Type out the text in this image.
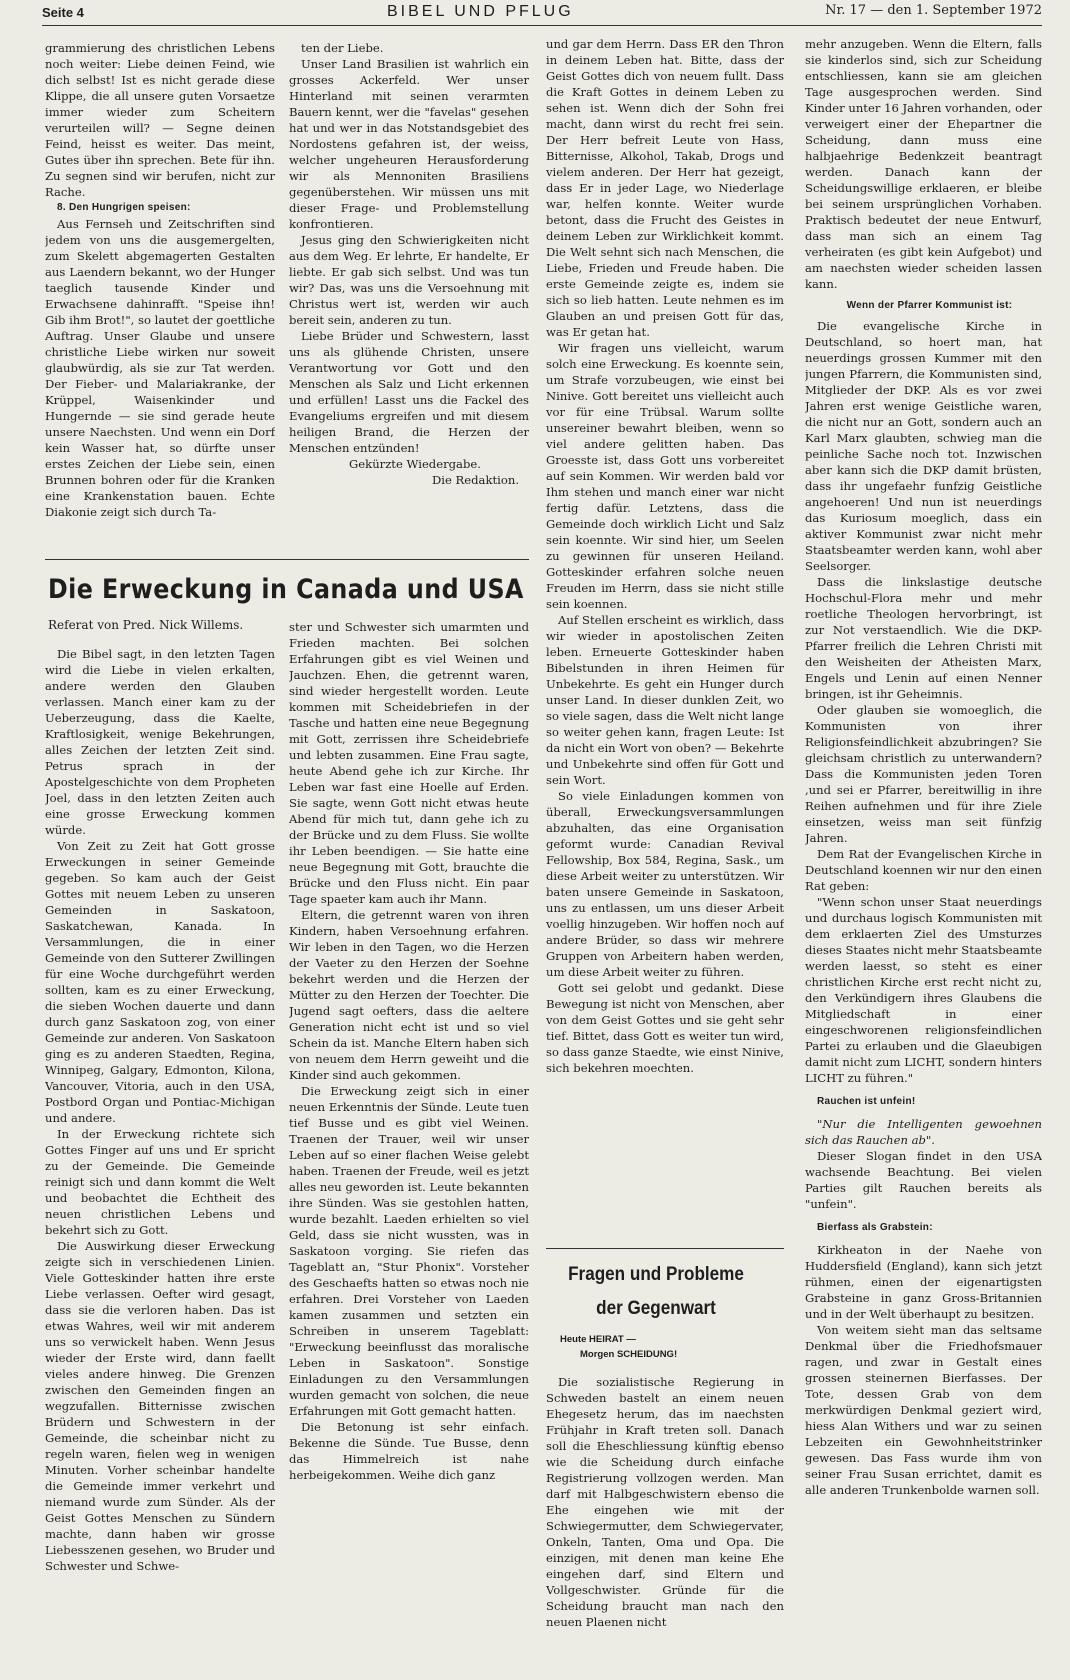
Seite 4	BIBEL UND PFLUG	Nr. 17 — den 1. September 1972

grammierung des christlichen Lebens noch weiter: Liebe deinen Feind, wie dich selbst! Ist es nicht gerade diese Klippe, die all unsere guten Vorsaetze immer wieder zum Scheitern verurteilen will? — Segne deinen Feind, heisst es weiter. Das meint, Gutes über ihn sprechen. Bete für ihn. Zu segnen sind wir berufen, nicht zur Rache.

8. Den Hungrigen speisen:

Aus Fernseh und Zeitschriften sind jedem von uns die ausgemergelten, zum Skelett abgemagerten Gestalten aus Laendern bekannt, wo der Hunger taeglich tausende Kinder und Erwachsene dahinrafft. "Speise ihn! Gib ihm Brot!", so lautet der goettliche Auftrag. Unser Glaube und unsere christliche Liebe wirken nur soweit glaubwürdig, als sie zur Tat werden. Der Fieber- und Malariakranke, der Krüppel, Waisenkinder und Hungernde — sie sind gerade heute unsere Naechsten. Und wenn ein Dorf kein Wasser hat, so dürfte unser erstes Zeichen der Liebe sein, einen Brunnen bohren oder für die Kranken eine Krankenstation bauen. Echte Diakonie zeigt sich durch Ta-

ten der Liebe.

Unser Land Brasilien ist wahrlich ein grosses Ackerfeld. Wer unser Hinterland mit seinen verarmten Bauern kennt, wer die "favelas" gesehen hat und wer in das Notstandsgebiet des Nordostens gefahren ist, der weiss, welcher ungeheuren Herausforderung wir als Mennoniten Brasiliens gegenüberstehen. Wir müssen uns mit dieser Frage- und Problemstellung konfrontieren.

Jesus ging den Schwierigkeiten nicht aus dem Weg. Er lehrte, Er handelte, Er liebte. Er gab sich selbst. Und was tun wir? Das, was uns die Versoehnung mit Christus wert ist, werden wir auch bereit sein, anderen zu tun.

Liebe Brüder und Schwestern, lasst uns als glühende Christen, unsere Verantwortung vor Gott und den Menschen als Salz und Licht erkennen und erfüllen! Lasst uns die Fackel des Evangeliums ergreifen und mit diesem heiligen Brand, die Herzen der Menschen entzünden!

Gekürzte Wiedergabe.

Die Redaktion.

Die Erweckung in Canada und USA
Referat von Pred. Nick Willems.

Die Bibel sagt, in den letzten Tagen wird die Liebe in vielen erkalten, andere werden den Glauben verlassen. Manch einer kam zu der Ueberzeugung, dass die Kaelte, Kraftlosigkeit, wenige Bekehrungen, alles Zeichen der letzten Zeit sind. Petrus sprach in der Apostelgeschichte von dem Propheten Joel, dass in den letzten Zeiten auch eine grosse Erweckung kommen würde.

Von Zeit zu Zeit hat Gott grosse Erweckungen in seiner Gemeinde gegeben. So kam auch der Geist Gottes mit neuem Leben zu unseren Gemeinden in Saskatoon, Saskatchewan, Kanada. In Versammlungen, die in einer Gemeinde von den Sutterer Zwillingen für eine Woche durchgeführt werden sollten, kam es zu einer Erweckung, die sieben Wochen dauerte und dann durch ganz Saskatoon zog, von einer Gemeinde zur anderen. Von Saskatoon ging es zu anderen Staedten, Regina, Winnipeg, Galgary, Edmonton, Kilona, Vancouver, Vitoria, auch in den USA, Postbord Organ und Pontiac-Michigan und andere.

In der Erweckung richtete sich Gottes Finger auf uns und Er spricht zu der Gemeinde. Die Gemeinde reinigt sich und dann kommt die Welt und beobachtet die Echtheit des neuen christlichen Lebens und bekehrt sich zu Gott.

Die Auswirkung dieser Erweckung zeigte sich in verschiedenen Linien. Viele Gotteskinder hatten ihre erste Liebe verlassen. Oefter wird gesagt, dass sie die verloren haben. Das ist etwas Wahres, weil wir mit anderem uns so verwickelt haben. Wenn Jesus wieder der Erste wird, dann faellt vieles andere hinweg. Die Grenzen zwischen den Gemeinden fingen an wegzufallen. Bitternisse zwischen Brüdern und Schwestern in der Gemeinde, die scheinbar nicht zu regeln waren, fielen weg in wenigen Minuten. Vorher scheinbar handelte die Gemeinde immer verkehrt und niemand wurde zum Sünder. Als der Geist Gottes Menschen zu Sündern machte, dann haben wir grosse Liebesszenen gesehen, wo Bruder und Schwester und Schwe-

ster und Schwester sich umarmten und Frieden machten. Bei solchen Erfahrungen gibt es viel Weinen und Jauchzen. Ehen, die getrennt waren, sind wieder hergestellt worden. Leute kommen mit Scheidebriefen in der Tasche und hatten eine neue Begegnung mit Gott, zerrissen ihre Scheidebriefe und lebten zusammen. Eine Frau sagte, heute Abend gehe ich zur Kirche. Ihr Leben war fast eine Hoelle auf Erden. Sie sagte, wenn Gott nicht etwas heute Abend für mich tut, dann gehe ich zu der Brücke und zu dem Fluss. Sie wollte ihr Leben beendigen. — Sie hatte eine neue Begegnung mit Gott, brauchte die Brücke und den Fluss nicht. Ein paar Tage spaeter kam auch ihr Mann.

Eltern, die getrennt waren von ihren Kindern, haben Versoehnung erfahren. Wir leben in den Tagen, wo die Herzen der Vaeter zu den Herzen der Soehne bekehrt werden und die Herzen der Mütter zu den Herzen der Toechter. Die Jugend sagt oefters, dass die aeltere Generation nicht echt ist und so viel Schein da ist. Manche Eltern haben sich von neuem dem Herrn geweiht und die Kinder sind auch gekommen.

Die Erweckung zeigt sich in einer neuen Erkenntnis der Sünde. Leute tuen tief Busse und es gibt viel Weinen. Traenen der Trauer, weil wir unser Leben auf so einer flachen Weise gelebt haben. Traenen der Freude, weil es jetzt alles neu geworden ist. Leute bekannten ihre Sünden. Was sie gestohlen hatten, wurde bezahlt. Laeden erhielten so viel Geld, dass sie nicht wussten, was in Saskatoon vorging. Sie riefen das Tageblatt an, "Stur Phonix". Vorsteher des Geschaefts hatten so etwas noch nie erfahren. Drei Vorsteher von Laeden kamen zusammen und setzten ein Schreiben in unserem Tageblatt: "Erweckung beeinflusst das moralische Leben in Saskatoon". Sonstige Einladungen zu den Versammlungen wurden gemacht von solchen, die neue Erfahrungen mit Gott gemacht hatten.

Die Betonung ist sehr einfach. Bekenne die Sünde. Tue Busse, denn das Himmelreich ist nahe herbeigekommen. Weihe dich ganz

und gar dem Herrn. Dass ER den Thron in deinem Leben hat. Bitte, dass der Geist Gottes dich von neuem fullt. Dass die Kraft Gottes in deinem Leben zu sehen ist. Wenn dich der Sohn frei macht, dann wirst du recht frei sein. Der Herr befreit Leute von Hass, Bitternisse, Alkohol, Takab, Drogs und vielem anderen. Der Herr hat gezeigt, dass Er in jeder Lage, wo Niederlage war, helfen konnte. Weiter wurde betont, dass die Frucht des Geistes in deinem Leben zur Wirklichkeit kommt. Die Welt sehnt sich nach Menschen, die Liebe, Frieden und Freude haben. Die erste Gemeinde zeigte es, indem sie sich so lieb hatten. Leute nehmen es im Glauben an und preisen Gott für das, was Er getan hat.

Wir fragen uns vielleicht, warum solch eine Erweckung. Es koennte sein, um Strafe vorzubeugen, wie einst bei Ninive. Gott bereitet uns vielleicht auch vor für eine Trübsal. Warum sollte unsereiner bewahrt bleiben, wenn so viel andere gelitten haben. Das Groesste ist, dass Gott uns vorbereitet auf sein Kommen. Wir werden bald vor Ihm stehen und manch einer war nicht fertig dafür. Letztens, dass die Gemeinde doch wirklich Licht und Salz sein koennte. Wir sind hier, um Seelen zu gewinnen für unseren Heiland. Gotteskinder erfahren solche neuen Freuden im Herrn, dass sie nicht stille sein koennen.

Auf Stellen erscheint es wirklich, dass wir wieder in apostolischen Zeiten leben. Erneuerte Gotteskinder haben Bibelstunden in ihren Heimen für Unbekehrte. Es geht ein Hunger durch unser Land. In dieser dunklen Zeit, wo so viele sagen, dass die Welt nicht lange so weiter gehen kann, fragen Leute: Ist da nicht ein Wort von oben? — Bekehrte und Unbekehrte sind offen für Gott und sein Wort.

So viele Einladungen kommen von überall, Erweckungsversammlungen abzuhalten, das eine Organisation geformt wurde: Canadian Revival Fellowship, Box 584, Regina, Sask., um diese Arbeit weiter zu unterstützen. Wir baten unsere Gemeinde in Saskatoon, uns zu entlassen, um uns dieser Arbeit voellig hinzugeben. Wir hoffen noch auf andere Brüder, so dass wir mehrere Gruppen von Arbeitern haben werden, um diese Arbeit weiter zu führen.

Gott sei gelobt und gedankt. Diese Bewegung ist nicht von Menschen, aber von dem Geist Gottes und sie geht sehr tief. Bittet, dass Gott es weiter tun wird, so dass ganze Staedte, wie einst Ninive, sich bekehren moechten.

Fragen und Probleme
der Gegenwart
Heute HEIRAT —
Morgen SCHEIDUNG!

Die sozialistische Regierung in Schweden bastelt an einem neuen Ehegesetz herum, das im naechsten Frühjahr in Kraft treten soll. Danach soll die Eheschliessung künftig ebenso wie die Scheidung durch einfache Registrierung vollzogen werden. Man darf mit Halbgeschwistern ebenso die Ehe eingehen wie mit der Schwiegermutter, dem Schwiegervater, Onkeln, Tanten, Oma und Opa. Die einzigen, mit denen man keine Ehe eingehen darf, sind Eltern und Vollgeschwister. Gründe für die Scheidung braucht man nach den neuen Plaenen nicht

mehr anzugeben. Wenn die Eltern, falls sie kinderlos sind, sich zur Scheidung entschliessen, kann sie am gleichen Tage ausgesprochen werden. Sind Kinder unter 16 Jahren vorhanden, oder verweigert einer der Ehepartner die Scheidung, dann muss eine halbjaehrige Bedenkzeit beantragt werden. Danach kann der Scheidungswillige erklaeren, er bleibe bei seinem ursprünglichen Vorhaben. Praktisch bedeutet der neue Entwurf, dass man sich an einem Tag verheiraten (es gibt kein Aufgebot) und am naechsten wieder scheiden lassen kann.

Wenn der Pfarrer Kommunist ist:

Die evangelische Kirche in Deutschland, so hoert man, hat neuerdings grossen Kummer mit den jungen Pfarrern, die Kommunisten sind, Mitglieder der DKP. Als es vor zwei Jahren erst wenige Geistliche waren, die nicht nur an Gott, sondern auch an Karl Marx glaubten, schwieg man die peinliche Sache noch tot. Inzwischen aber kann sich die DKP damit brüsten, dass ihr ungefaehr funfzig Geistliche angehoeren! Und nun ist neuerdings das Kuriosum moeglich, dass ein aktiver Kommunist zwar nicht mehr Staatsbeamter werden kann, wohl aber Seelsorger.

Dass die linkslastige deutsche Hochschul-Flora mehr und mehr roetliche Theologen hervorbringt, ist zur Not verstaendlich. Wie die DKP-Pfarrer freilich die Lehren Christi mit den Weisheiten der Atheisten Marx, Engels und Lenin auf einen Nenner bringen, ist ihr Geheimnis.

Oder glauben sie womoeglich, die Kommunisten von ihrer Religionsfeindlichkeit abzubringen? Sie gleichsam christlich zu unterwandern? Dass die Kommunisten jeden Toren ,und sei er Pfarrer, bereitwillig in ihre Reihen aufnehmen und für ihre Ziele einsetzen, weiss man seit fünfzig Jahren.

Dem Rat der Evangelischen Kirche in Deutschland koennen wir nur den einen Rat geben:

"Wenn schon unser Staat neuerdings und durchaus logisch Kommunisten mit dem erklaerten Ziel des Umsturzes dieses Staates nicht mehr Staatsbeamte werden laesst, so steht es einer christlichen Kirche erst recht nicht zu, den Verkündigern ihres Glaubens die Mitgliedschaft in einer eingeschworenen religionsfeindlichen Partei zu erlauben und die Glaeubigen damit nicht zum LICHT, sondern hinters LICHT zu führen."

Rauchen ist unfein!

"Nur die Intelligenten gewoehnen sich das Rauchen ab".

Dieser Slogan findet in den USA wachsende Beachtung. Bei vielen Parties gilt Rauchen bereits als "unfein".

Bierfass als Grabstein:

Kirkheaton in der Naehe von Huddersfield (England), kann sich jetzt rühmen, einen der eigenartigsten Grabsteine in ganz Gross-Britannien und in der Welt überhaupt zu besitzen.

Von weitem sieht man das seltsame Denkmal über die Friedhofsmauer ragen, und zwar in Gestalt eines grossen steinernen Bierfasses. Der Tote, dessen Grab von dem merkwürdigen Denkmal geziert wird, hiess Alan Withers und war zu seinen Lebzeiten ein Gewohnheitstrinker gewesen. Das Fass wurde ihm von seiner Frau Susan errichtet, damit es alle anderen Trunkenbolde warnen soll.
